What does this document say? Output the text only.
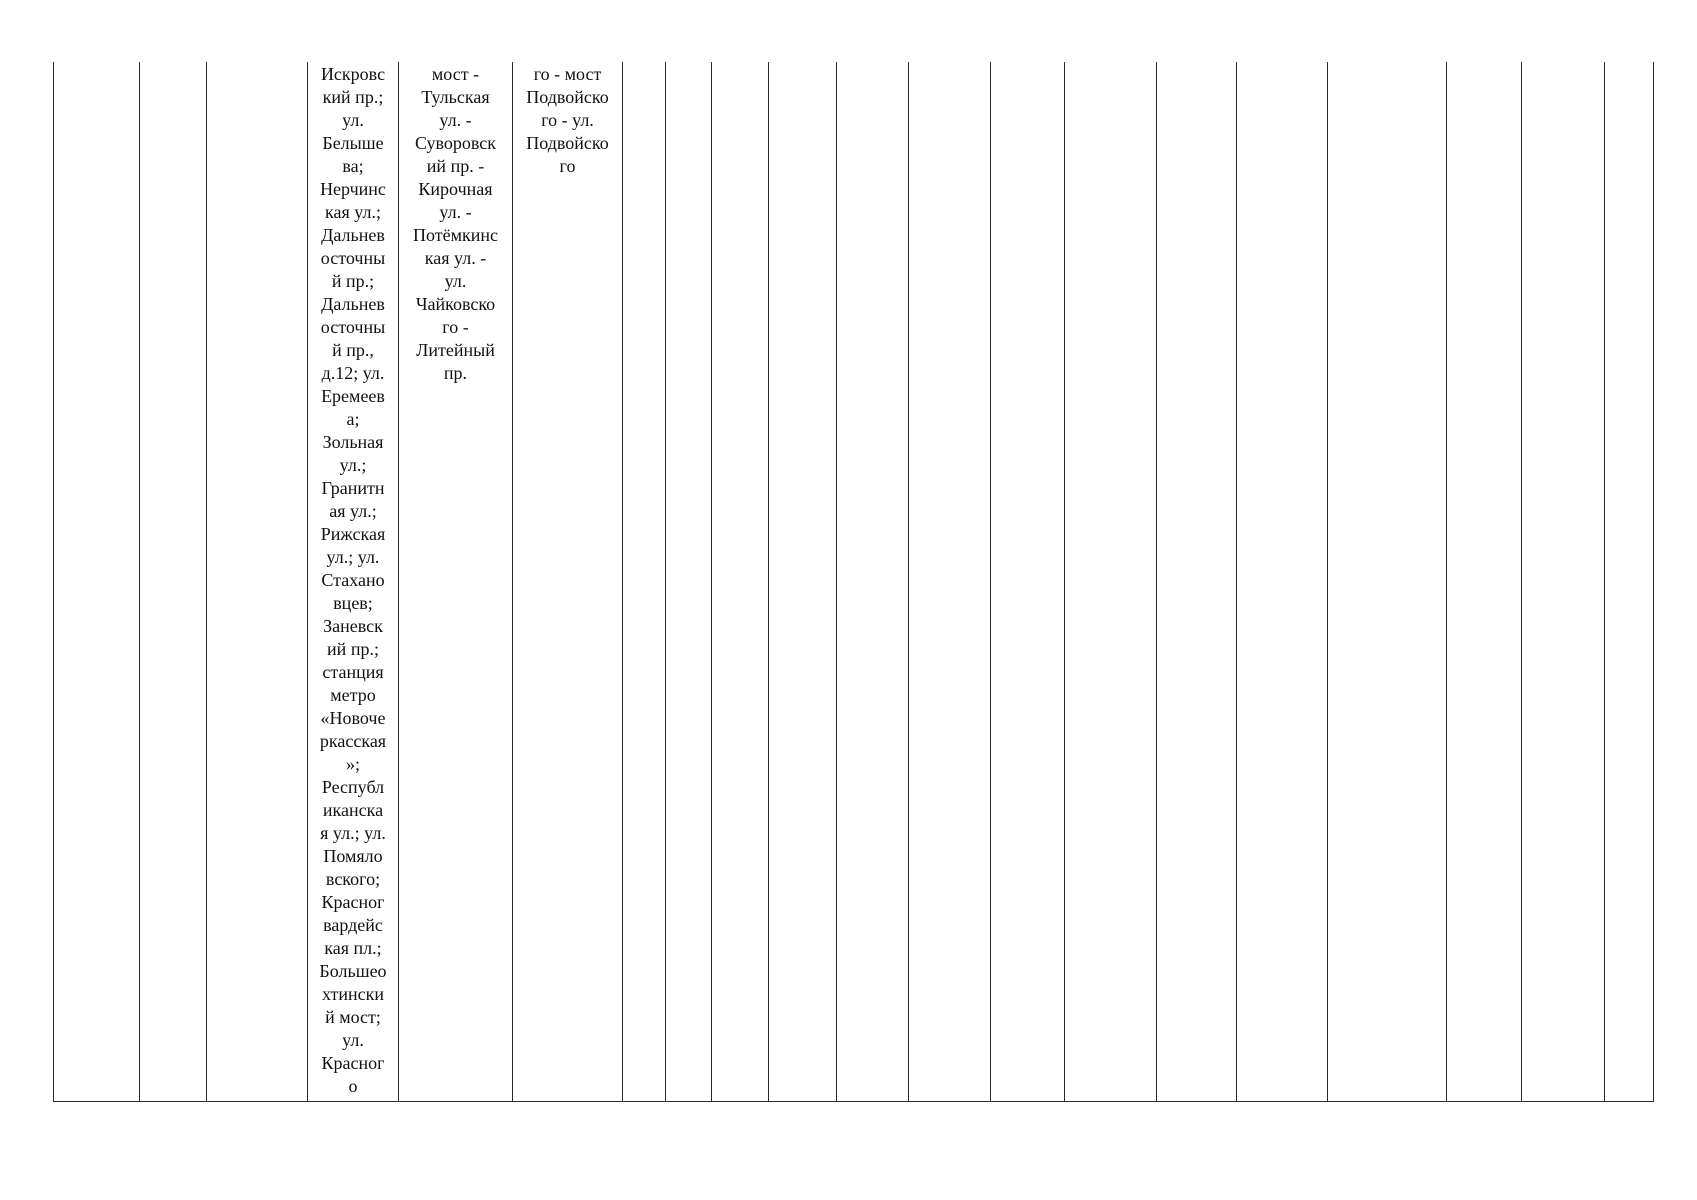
Искровс
кий пр.;
ул.
Белыше
ва;
Нерчинс
кая ул.;
Дальнев
осточны
й пр.;
Дальнев
осточны
й пр.,
д.12; ул.
Еремеев
а;
Зольная
ул.;
Гранитн
ая ул.;
Рижская
ул.; ул.
Стахано
вцев;
Заневск
ий пр.;
станция
метро
«Новоче
ркасская
»;
Республ
иканска
я ул.; ул.
Помяло
вского;
Красног
вардейс
кая пл.;
Большео
хтински
й мост;
ул.
Красног
о

мост -
Тульская
ул. -
Суворовск
ий пр. -
Кирочная
ул. -
Потёмкинс
кая ул. -
ул.
Чайковско
го -
Литейный
пр.

го - мост
Подвойско
го - ул.
Подвойско
го
